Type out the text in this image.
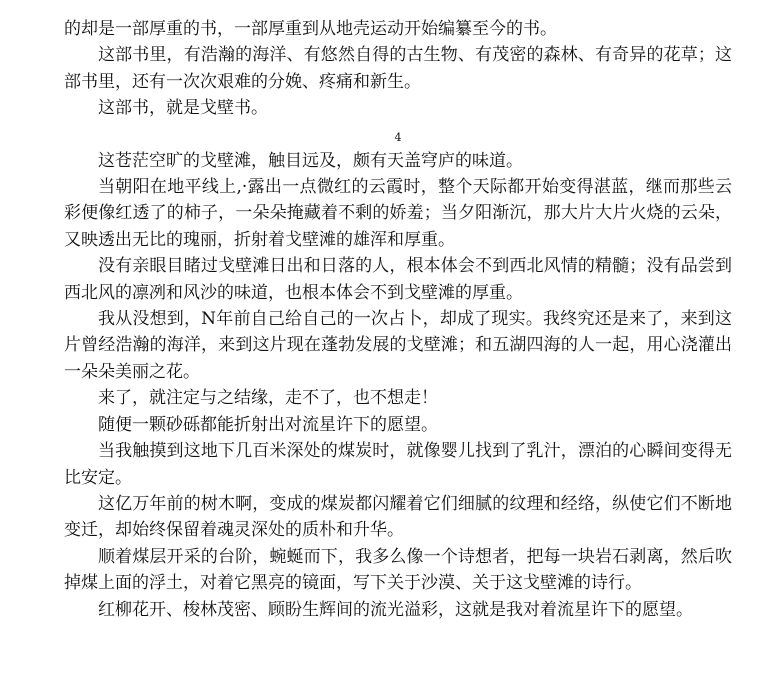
的却是一部厚重的书，一部厚重到从地壳运动开始编纂至今的书。

这部书里，有浩瀚的海洋、有悠然自得的古生物、有茂密的森林、有奇异的花草；这部书里，还有一次次艰难的分娩、疼痛和新生。

这部书，就是戈壁书。

4

这苍茫空旷的戈壁滩，触目远及，颇有天盖穹庐的味道。

当朝阳在地平线上,·露出一点微红的云霞时，整个天际都开始变得湛蓝，继而那些云彩便像红透了的柿子，一朵朵掩藏着不剩的娇羞；当夕阳渐沉，那大片大片火烧的云朵，又映透出无比的瑰丽，折射着戈壁滩的雄浑和厚重。

没有亲眼目睹过戈壁滩日出和日落的人，根本体会不到西北风情的精髓；没有品尝到西北风的凛冽和风沙的味道，也根本体会不到戈壁滩的厚重。

我从没想到，N年前自己给自己的一次占卜，却成了现实。我终究还是来了，来到这片曾经浩瀚的海洋，来到这片现在蓬勃发展的戈壁滩；和五湖四海的人一起，用心浇灌出一朵朵美丽之花。

来了，就注定与之结缘，走不了，也不想走！

随便一颗砂砾都能折射出对流星许下的愿望。

当我触摸到这地下几百米深处的煤炭时，就像婴儿找到了乳汁，漂泊的心瞬间变得无比安定。

这亿万年前的树木啊，变成的煤炭都闪耀着它们细腻的纹理和经络，纵使它们不断地变迁，却始终保留着魂灵深处的质朴和升华。

顺着煤层开采的台阶，蜿蜒而下，我多么像一个诗想者，把每一块岩石剥离，然后吹掉煤上面的浮土，对着它黑亮的镜面，写下关于沙漠、关于这戈壁滩的诗行。

红柳花开、梭林茂密、顾盼生辉间的流光溢彩，这就是我对着流星许下的愿望。
